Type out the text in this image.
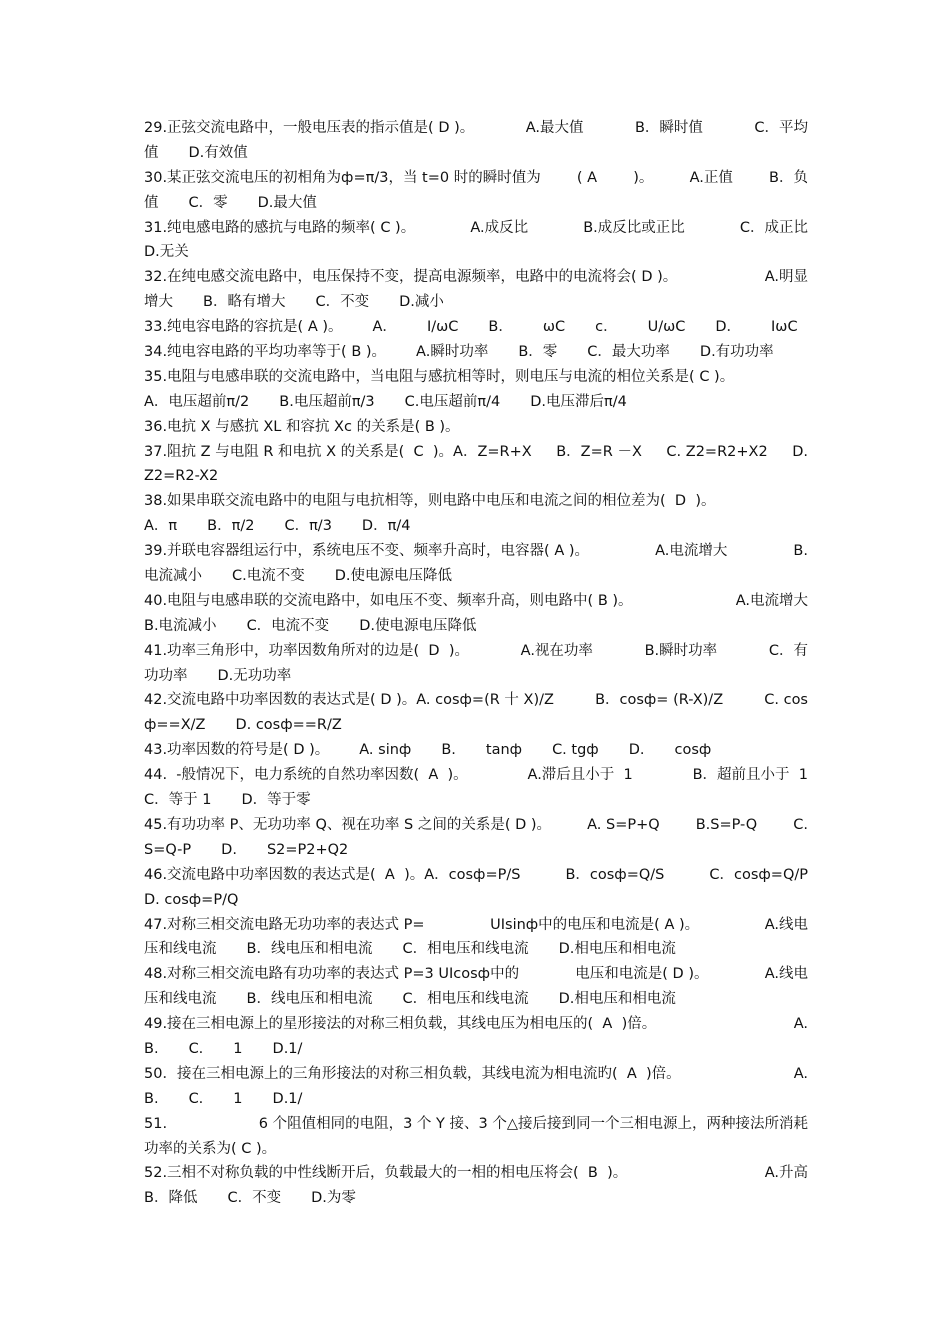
29.正弦交流电路中，一般电压表的指示值是( D )。	A.最大值	B．瞬时值	C．平均
值 D.有效值
30.某正弦交流电压的初相角为ф=π/3，当 t=0 时的瞬时值为 ( A )。 A.正值 B．负
值 C．零 D.最大值
31.纯电感电路的感抗与电路的频率( C )。	A.成反比	B.成反比或正比	C．成正比
D.无关
32.在纯电感交流电路中，电压保持不变，提高电源频率，电路中的电流将会( D )。	A.明显
增大 B．略有增大 C．不变 D.减小
33.纯电容电路的容抗是( A )。 A． I/ωC B． ωC c． U/ωC D． IωC
34.纯电容电路的平均功率等于( B )。 A.瞬时功率 B．零 C．最大功率 D.有功功率
35.电阻与电感串联的交流电路中，当电阻与感抗相等时，则电压与电流的相位关系是( C )。
A．电压超前π/2 B.电压超前π/3 C.电压超前π/4 D.电压滞后π/4
36.电抗 X 与感抗 XL 和容抗 Xc 的关系是( B )。
37.阻抗 Z 与电阻 R 和电抗 X 的关系是(  C  )。A．Z=R+X B．Z=R －X C. Z2=R2+X2 D.
Z2=R2-X2
38.如果串联交流电路中的电阻与电抗相等，则电路中电压和电流之间的相位差为(  D  )。
A．π B．π/2 C．π/3 D．π/4
39.并联电容器组运行中，系统电压不变、频率升高时，电容器( A )。	A.电流增大	B.
电流减小 C.电流不变 D.使电源电压降低
40.电阻与电感串联的交流电路中，如电压不变、频率升高，则电路中( B )。	A.电流增大
B.电流减小 C．电流不变 D.使电源电压降低
41.功率三角形中，功率因数角所对的边是(  D  )。	A.视在功率	B.瞬时功率	C．有
功功率 D.无功功率
42.交流电路中功率因数的表达式是( D )。A. cosф=(R 十 X)/Z	B．cosф= (R-X)/Z	C. cos
ф==X/Z D. cosф==R/Z
43.功率因数的符号是( D )。 A. sinф B. tanф C. tgф D. cosф
44.  -般情况下，电力系统的自然功率因数(  A  )。	A.滞后且小于  1	B．超前且小于  1
C．等于 1 D．等于零
45.有功功率 P、无功功率 Q、视在功率 S 之间的关系是( D )。 A. S=P+Q B.S=P-Q C.
S=Q-P D. S2=P2+Q2
46.交流电路中功率因数的表达式是(  A  )。A．cosф=P/S	B．cosф=Q/S	C．cosф=Q/P
D. cosф=P/Q
47.对称三相交流电路无功功率的表达式 P=	UIsinф中的电压和电流是( A )。	A.线电
压和线电流 B．线电压和相电流 C．相电压和线电流 D.相电压和相电流
48.对称三相交流电路有功功率的表达式 P=3 UIcosф中的	电压和电流是( D )。	A.线电
压和线电流 B．线电压和相电流 C．相电压和线电流 D.相电压和相电流
49.接在三相电源上的星形接法的对称三相负载，其线电压为相电压的(  A  )倍。	A.
B. C. 1 D.1/
50．接在三相电源上的三角形接法的对称三相负载，其线电流为相电流旳(  A  )倍。	A.
B. C. 1 D.1/
51.	6 个阻值相同的电阻，3 个 Y 接、3 个△接后接到同一个三相电源上，两种接法所消耗
功率的关系为( C )。
52.三相不对称负载的中性线断开后，负载最大的一相的相电压将会(  B  )。	A.升高
B．降低 C．不变 D.为零
